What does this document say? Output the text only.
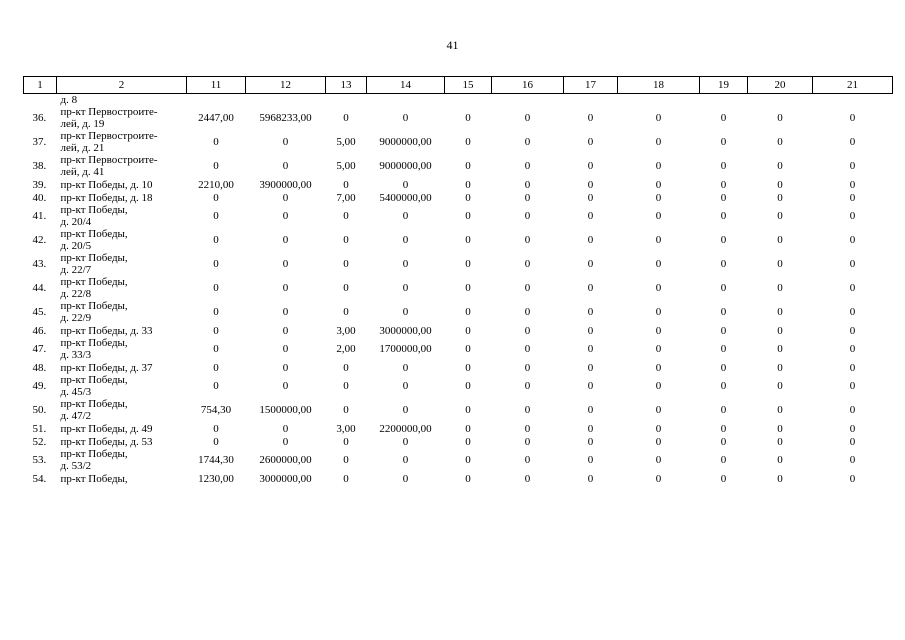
41
1	2	11	12	13	14	15	16	17	18	19	20	21
	д. 8											
36.	пр-кт Первостроите-
лей, д. 19	2447,00	5968233,00	0	0	0	0	0	0	0	0	0
37.	пр-кт Первостроите-
лей, д. 21	0	0	5,00	9000000,00	0	0	0	0	0	0	0
38.	пр-кт Первостроите-
лей, д. 41	0	0	5,00	9000000,00	0	0	0	0	0	0	0
39.	пр-кт Победы, д. 10	2210,00	3900000,00	0	0	0	0	0	0	0	0	0
40.	пр-кт Победы, д. 18	0	0	7,00	5400000,00	0	0	0	0	0	0	0
41.	пр-кт Победы,
д. 20/4	0	0	0	0	0	0	0	0	0	0	0
42.	пр-кт Победы,
д. 20/5	0	0	0	0	0	0	0	0	0	0	0
43.	пр-кт Победы,
д. 22/7	0	0	0	0	0	0	0	0	0	0	0
44.	пр-кт Победы,
д. 22/8	0	0	0	0	0	0	0	0	0	0	0
45.	пр-кт Победы,
д. 22/9	0	0	0	0	0	0	0	0	0	0	0
46.	пр-кт Победы, д. 33	0	0	3,00	3000000,00	0	0	0	0	0	0	0
47.	пр-кт Победы,
д. 33/3	0	0	2,00	1700000,00	0	0	0	0	0	0	0
48.	пр-кт Победы, д. 37	0	0	0	0	0	0	0	0	0	0	0
49.	пр-кт Победы,
д. 45/3	0	0	0	0	0	0	0	0	0	0	0
50.	пр-кт Победы,
д. 47/2	754,30	1500000,00	0	0	0	0	0	0	0	0	0
51.	пр-кт Победы, д. 49	0	0	3,00	2200000,00	0	0	0	0	0	0	0
52.	пр-кт Победы, д. 53	0	0	0	0	0	0	0	0	0	0	0
53.	пр-кт Победы,
д. 53/2	1744,30	2600000,00	0	0	0	0	0	0	0	0	0
54.	пр-кт Победы,	1230,00	3000000,00	0	0	0	0	0	0	0	0	0
